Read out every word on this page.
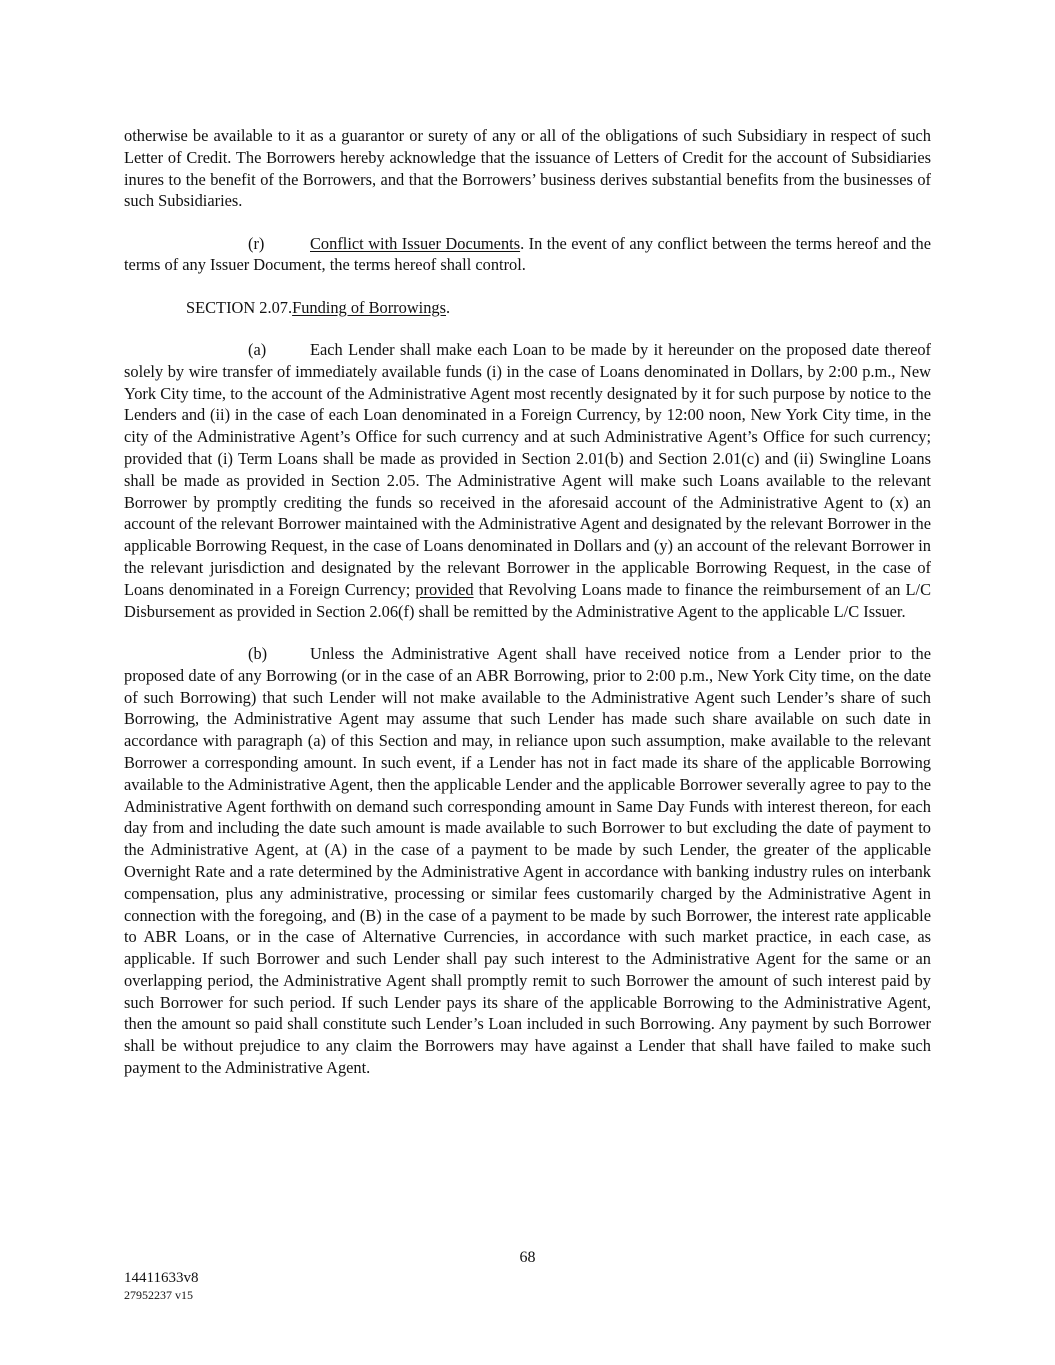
otherwise be available to it as a guarantor or surety of any or all of the obligations of such Subsidiary in respect of such Letter of Credit. The Borrowers hereby acknowledge that the issuance of Letters of Credit for the account of Subsidiaries inures to the benefit of the Borrowers, and that the Borrowers’ business derives substantial benefits from the businesses of such Subsidiaries.

(r)	Conflict with Issuer Documents. In the event of any conflict between the terms hereof and the terms of any Issuer Document, the terms hereof shall control.

SECTION 2.07.Funding of Borrowings.

(a)	Each Lender shall make each Loan to be made by it hereunder on the proposed date thereof solely by wire transfer of immediately available funds (i) in the case of Loans denominated in Dollars, by 2:00 p.m., New York City time, to the account of the Administrative Agent most recently designated by it for such purpose by notice to the Lenders and (ii) in the case of each Loan denominated in a Foreign Currency, by 12:00 noon, New York City time, in the city of the Administrative Agent’s Office for such currency and at such Administrative Agent’s Office for such currency; provided that (i) Term Loans shall be made as provided in Section 2.01(b) and Section 2.01(c) and (ii) Swingline Loans shall be made as provided in Section 2.05. The Administrative Agent will make such Loans available to the relevant Borrower by promptly crediting the funds so received in the aforesaid account of the Administrative Agent to (x) an account of the relevant Borrower maintained with the Administrative Agent and designated by the relevant Borrower in the applicable Borrowing Request, in the case of Loans denominated in Dollars and (y) an account of the relevant Borrower in the relevant jurisdiction and designated by the relevant Borrower in the applicable Borrowing Request, in the case of Loans denominated in a Foreign Currency; provided that Revolving Loans made to finance the reimbursement of an L/C Disbursement as provided in Section 2.06(f) shall be remitted by the Administrative Agent to the applicable L/C Issuer.

(b)	Unless the Administrative Agent shall have received notice from a Lender prior to the proposed date of any Borrowing (or in the case of an ABR Borrowing, prior to 2:00 p.m., New York City time, on the date of such Borrowing) that such Lender will not make available to the Administrative Agent such Lender’s share of such Borrowing, the Administrative Agent may assume that such Lender has made such share available on such date in accordance with paragraph (a) of this Section and may, in reliance upon such assumption, make available to the relevant Borrower a corresponding amount. In such event, if a Lender has not in fact made its share of the applicable Borrowing available to the Administrative Agent, then the applicable Lender and the applicable Borrower severally agree to pay to the Administrative Agent forthwith on demand such corresponding amount in Same Day Funds with interest thereon, for each day from and including the date such amount is made available to such Borrower to but excluding the date of payment to the Administrative Agent, at (A) in the case of a payment to be made by such Lender, the greater of the applicable Overnight Rate and a rate determined by the Administrative Agent in accordance with banking industry rules on interbank compensation, plus any administrative, processing or similar fees customarily charged by the Administrative Agent in connection with the foregoing, and (B) in the case of a payment to be made by such Borrower, the interest rate applicable to ABR Loans, or in the case of Alternative Currencies, in accordance with such market practice, in each case, as applicable. If such Borrower and such Lender shall pay such interest to the Administrative Agent for the same or an overlapping period, the Administrative Agent shall promptly remit to such Borrower the amount of such interest paid by such Borrower for such period. If such Lender pays its share of the applicable Borrowing to the Administrative Agent, then the amount so paid shall constitute such Lender’s Loan included in such Borrowing. Any payment by such Borrower shall be without prejudice to any claim the Borrowers may have against a Lender that shall have failed to make such payment to the Administrative Agent.

68
14411633v8
27952237 v15
